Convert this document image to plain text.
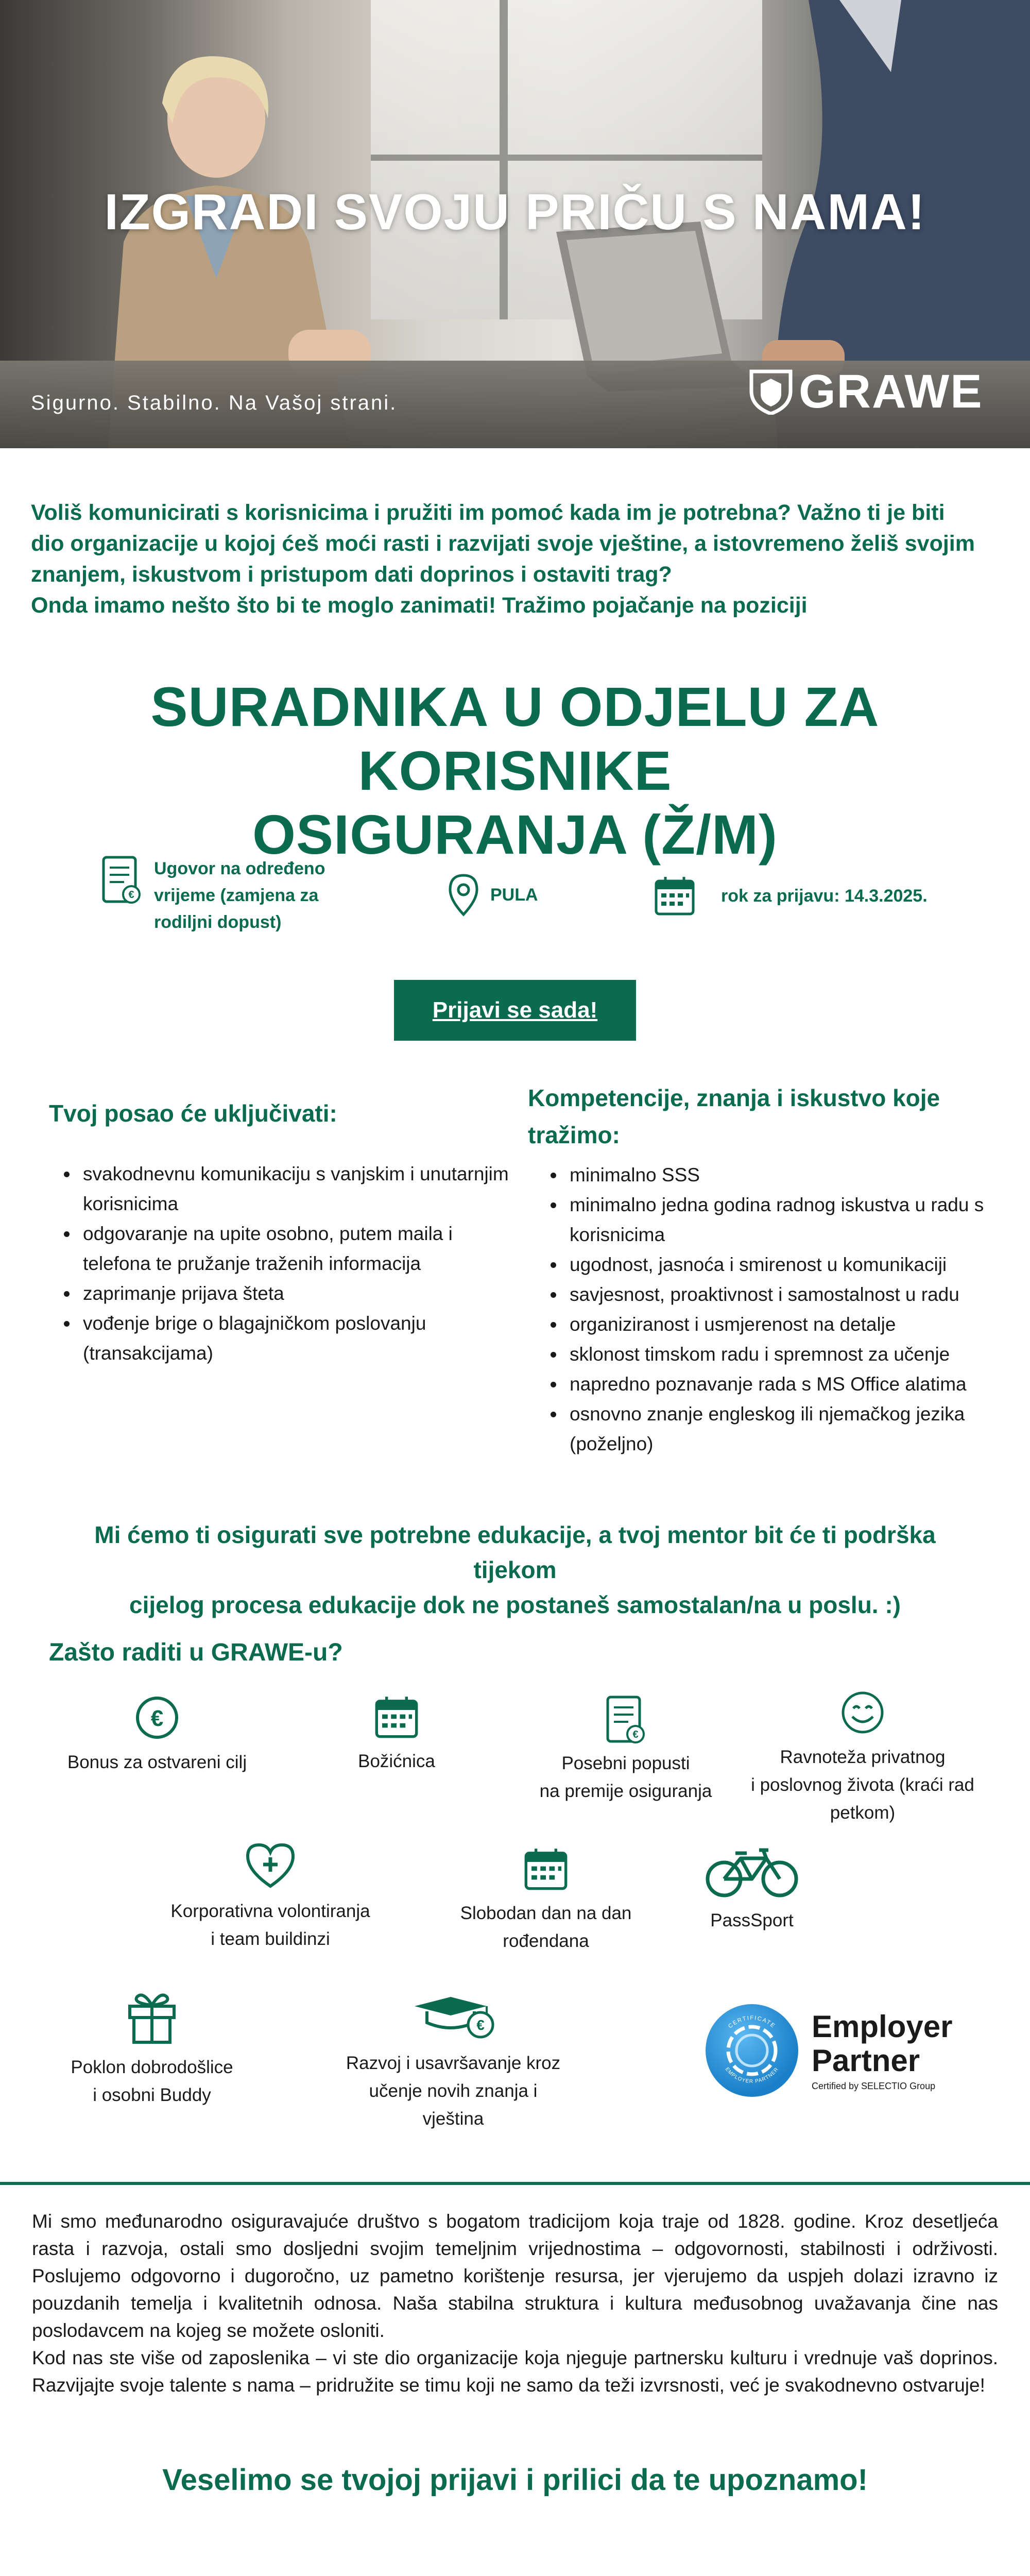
IZGRADI SVOJU PRIČU S NAMA!
Sigurno. Stabilno. Na Vašoj strani.	GRAWE
Voliš komunicirati s korisnicima i pružiti im pomoć kada im je potrebna? Važno ti je biti
dio organizacije u kojoj ćeš moći rasti i razvijati svoje vještine, a istovremeno želiš svojim
znanjem, iskustvom i pristupom dati doprinos i ostaviti trag?
Onda imamo nešto što bi te moglo zanimati! Tražimo pojačanje na poziciji
SURADNIKA U ODJELU ZA KORISNIKE
OSIGURANJA (Ž/M)
€
Ugovor na određeno
vrijeme (zamjena za
rodiljni dopust)
PULA	rok za prijavu: 14.3.2025.
Prijavi se sada!
Tvoj posao će uključivati:
• svakodnevnu komunikaciju s vanjskim i unutarnjim korisnicima
• odgovaranje na upite osobno, putem maila i telefona te pružanje traženih informacija
• zaprimanje prijava šteta
• vođenje brige o blagajničkom poslovanju (transakcijama)
Kompetencije, znanja i iskustvo koje
tražimo:
• minimalno SSS
• minimalno jedna godina radnog iskustva u radu s korisnicima
• ugodnost, jasnoća i smirenost u komunikaciji
• savjesnost, proaktivnost i samostalnost u radu
• organiziranost i usmjerenost na detalje
• sklonost timskom radu i spremnost za učenje
• napredno poznavanje rada s MS Office alatima
• osnovno znanje engleskog ili njemačkog jezika (poželjno)
Mi ćemo ti osigurati sve potrebne edukacije, a tvoj mentor bit će ti podrška tijekom
cijelog procesa edukacije dok ne postaneš samostalan/na u poslu. :)
Zašto raditi u GRAWE-u?
€
Bonus za ostvareni cilj	Božićnica
€
Posebni popusti
na premije osiguranja
Ravnoteža privatnog
i poslovnog života (kraći rad
petkom)
Korporativna volontiranja
i team buildinzi
Slobodan dan na dan
rođendana
PassSport
Poklon dobrodošlice
i osobni Buddy
€
Razvoj i usavršavanje kroz
učenje novih znanja i
vještina
CERTIFICATE
EMPLOYER PARTNER
Employer
Partner
Certified by SELECTIO Group

Mi smo međunarodno osiguravajuće društvo s bogatom tradicijom koja traje od 1828. godine. Kroz desetljeća rasta i razvoja, ostali smo dosljedni svojim temeljnim vrijednostima – odgovornosti, stabilnosti i održivosti. Poslujemo odgovorno i dugoročno, uz pametno korištenje resursa, jer vjerujemo da uspjeh dolazi izravno iz pouzdanih temelja i kvalitetnih odnosa. Naša stabilna struktura i kultura međusobnog uvažavanja čine nas poslodavcem na kojeg se možete osloniti.

Kod nas ste više od zaposlenika – vi ste dio organizacije koja njeguje partnersku kulturu i vrednuje vaš doprinos. Razvijajte svoje talente s nama – pridružite se timu koji ne samo da teži izvrsnosti, već je svakodnevno ostvaruje!

Veselimo se tvojoj prijavi i prilici da te upoznamo!
